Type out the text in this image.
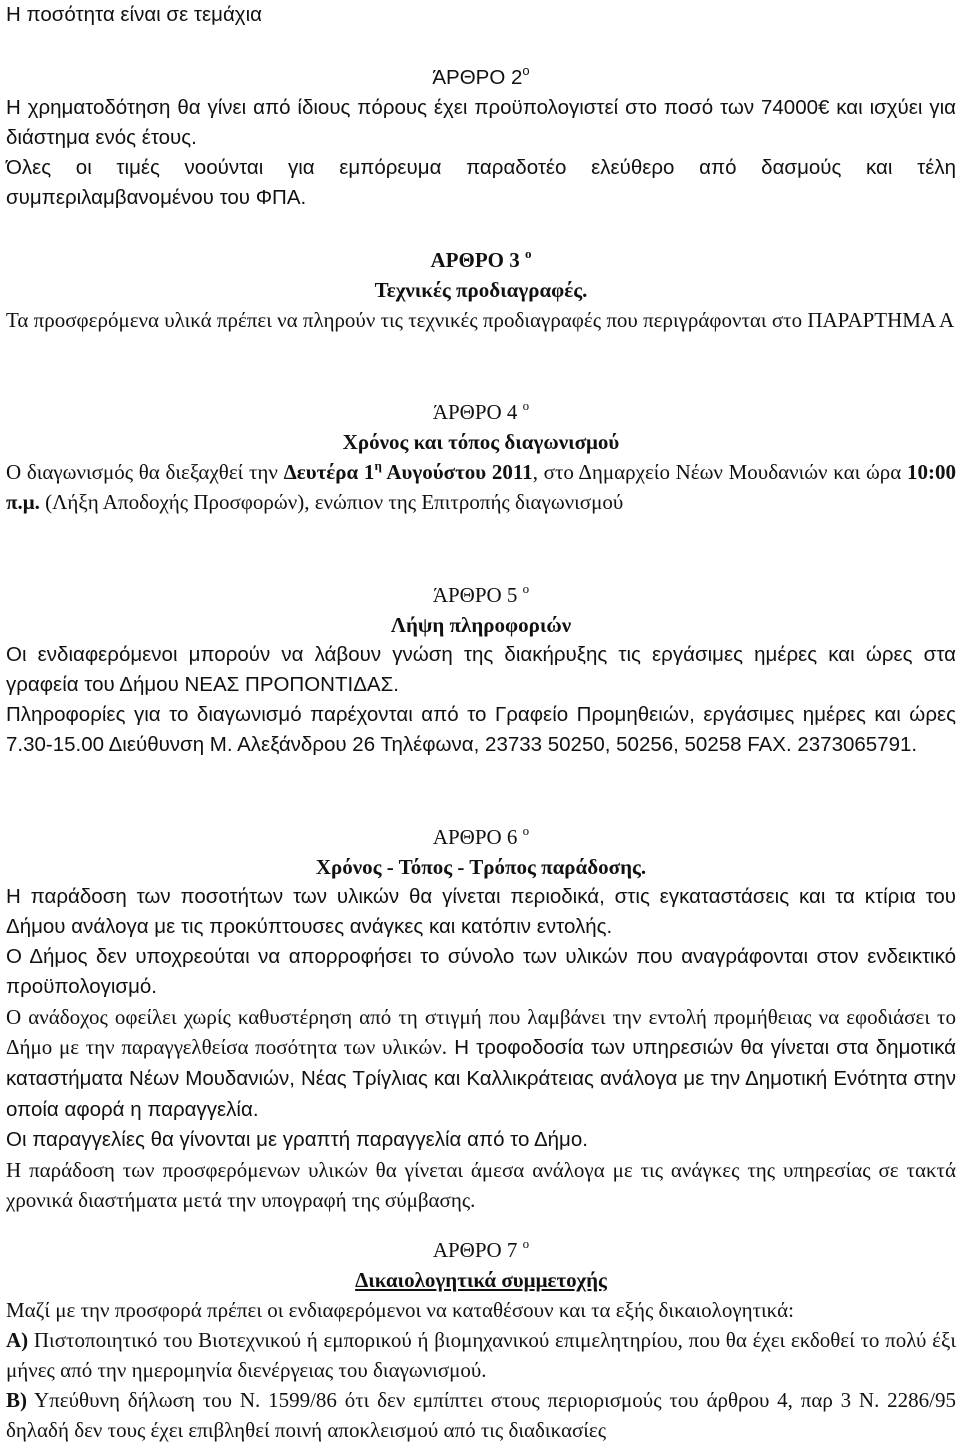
Η ποσότητα είναι σε τεμάχια

ΆΡΘΡΟ $2^o$

Η χρηματοδότηση θα γίνει από ίδιους πόρους έχει προϋπολογιστεί στο ποσό των 74000€ και ισχύει για διάστημα ενός έτους.

Όλες οι τιμές νοούνται για εμπόρευμα παραδοτέο ελεύθερο από δασμούς και τέλη συμπεριλαμβανομένου του ΦΠΑ.

ΑΡΘΡΟ 3 $^o$

Τεχνικές προδιαγραφές.

Τα προσφερόμενα υλικά πρέπει να πληρούν τις τεχνικές προδιαγραφές που περιγράφονται στο ΠΑΡΑΡΤΗΜΑ Α

ΆΡΘΡΟ 4 $^o$

Χρόνος και τόπος διαγωνισμού

Ο διαγωνισμός θα διεξαχθεί την Δευτέρα $1^\eta$ Αυγούστου 2011, στο Δημαρχείο Νέων Μουδανιών και ώρα 10:00 π.μ. (Λήξη Αποδοχής Προσφορών), ενώπιον της Επιτροπής διαγωνισμού

ΆΡΘΡΟ 5 $^o$

Λήψη πληροφοριών

Οι ενδιαφερόμενοι μπορούν να λάβουν γνώση της διακήρυξης τις εργάσιμες ημέρες και ώρες στα γραφεία του Δήμου ΝΕΑΣ ΠΡΟΠΟΝΤΙΔΑΣ.

Πληροφορίες για το διαγωνισμό παρέχονται από το Γραφείο Προμηθειών, εργάσιμες ημέρες και ώρες 7.30-15.00 Διεύθυνση Μ. Αλεξάνδρου 26 Τηλέφωνα, 23733 50250, 50256, 50258 FAX. 2373065791.

ΑΡΘΡΟ 6 $^o$

Χρόνος - Τόπος - Τρόπος παράδοσης.

Η παράδοση των ποσοτήτων των υλικών θα γίνεται περιοδικά, στις εγκαταστάσεις και τα κτίρια του Δήμου ανάλογα με τις προκύπτουσες ανάγκες και κατόπιν εντολής.

Ο Δήμος δεν υποχρεούται να απορροφήσει το σύνολο των υλικών που αναγράφονται στον ενδεικτικό προϋπολογισμό.

Ο ανάδοχος οφείλει χωρίς καθυστέρηση από τη στιγμή που λαμβάνει την εντολή προμήθειας να εφοδιάσει το Δήμο με την παραγγελθείσα ποσότητα των υλικών. Η τροφοδοσία των υπηρεσιών θα γίνεται στα δημοτικά καταστήματα Νέων Μουδανιών, Νέας Τρίγλιας και Καλλικράτειας ανάλογα με την Δημοτική Ενότητα στην οποία αφορά η παραγγελία.

Οι παραγγελίες θα γίνονται με γραπτή παραγγελία από το Δήμο.

Η παράδοση των προσφερόμενων υλικών θα γίνεται άμεσα ανάλογα με τις ανάγκες της υπηρεσίας σε τακτά χρονικά διαστήματα μετά την υπογραφή της σύμβασης.

ΑΡΘΡΟ 7 $^o$

Δικαιολογητικά συμμετοχής

Μαζί με την προσφορά πρέπει οι ενδιαφερόμενοι να καταθέσουν και τα εξής δικαιολογητικά:

Α) Πιστοποιητικό του Βιοτεχνικού ή εμπορικού ή βιομηχανικού επιμελητηρίου, που θα έχει εκδοθεί το πολύ έξι μήνες από την ημερομηνία διενέργειας του διαγωνισμού.

Β) Υπεύθυνη δήλωση του Ν. 1599/86 ότι δεν εμπίπτει στους περιορισμούς του άρθρου 4, παρ 3 Ν. 2286/95 δηλαδή δεν τους έχει επιβληθεί ποινή αποκλεισμού από τις διαδικασίες
